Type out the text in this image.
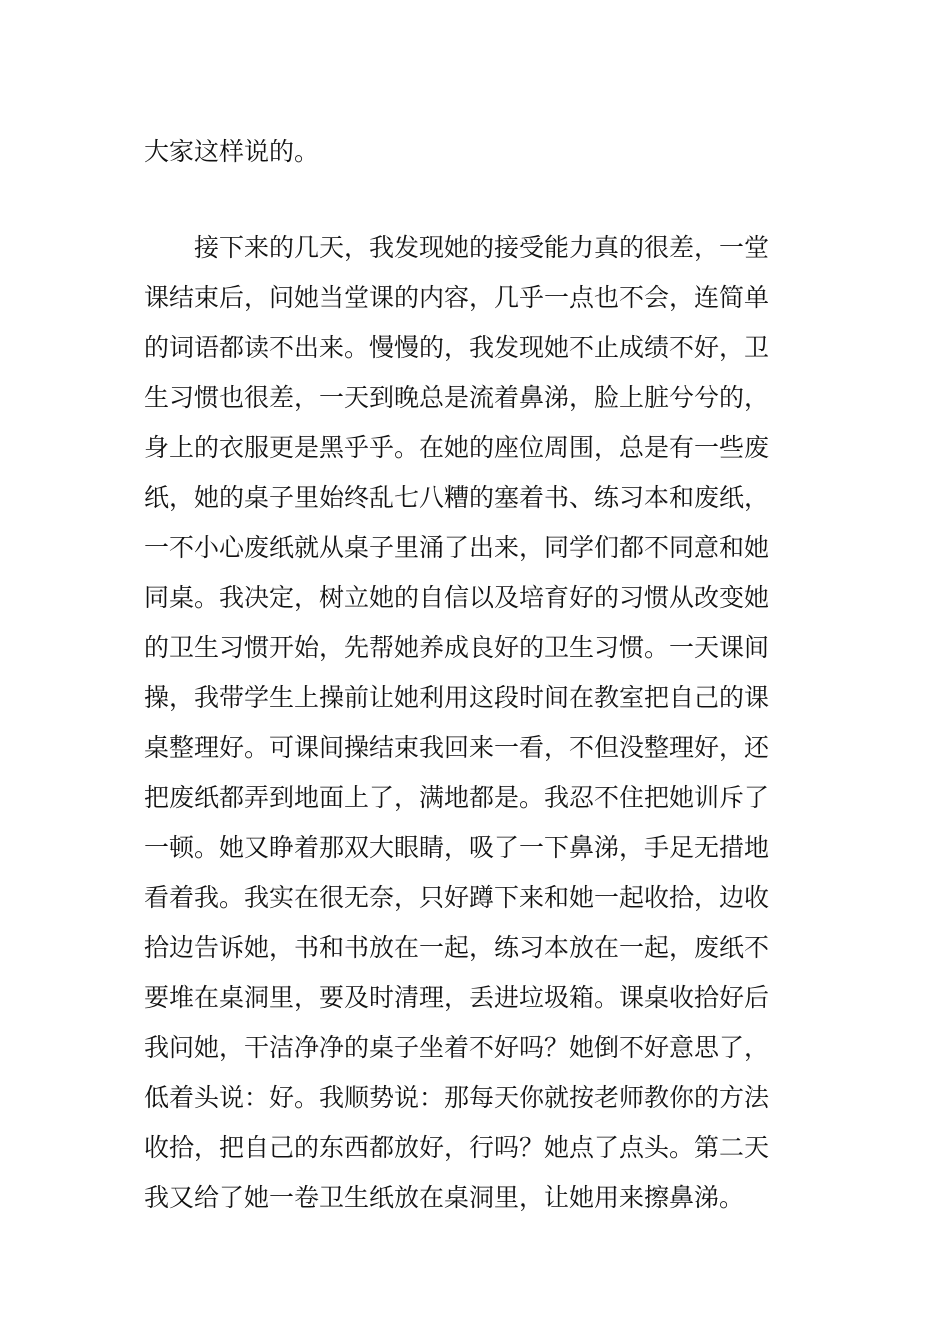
大家这样说的。

　　接下来的几天，我发现她的接受能力真的很差，一堂

课结束后，问她当堂课的内容，几乎一点也不会，连简单

的词语都读不出来。慢慢的，我发现她不止成绩不好，卫

生习惯也很差，一天到晚总是流着鼻涕，脸上脏兮兮的，

身上的衣服更是黑乎乎。在她的座位周围，总是有一些废

纸，她的桌子里始终乱七八糟的塞着书、练习本和废纸，

一不小心废纸就从桌子里涌了出来，同学们都不同意和她

同桌。我决定，树立她的自信以及培育好的习惯从改变她

的卫生习惯开始，先帮她养成良好的卫生习惯。一天课间

操，我带学生上操前让她利用这段时间在教室把自己的课

桌整理好。可课间操结束我回来一看，不但没整理好，还

把废纸都弄到地面上了，满地都是。我忍不住把她训斥了

一顿。她又睁着那双大眼睛，吸了一下鼻涕，手足无措地

看着我。我实在很无奈，只好蹲下来和她一起收拾，边收

拾边告诉她，书和书放在一起，练习本放在一起，废纸不

要堆在桌洞里，要及时清理，丢进垃圾箱。课桌收拾好后

我问她，干洁净净的桌子坐着不好吗？她倒不好意思了，

低着头说：好。我顺势说：那每天你就按老师教你的方法

收拾，把自己的东西都放好，行吗？她点了点头。第二天

我又给了她一卷卫生纸放在桌洞里，让她用来擦鼻涕。
